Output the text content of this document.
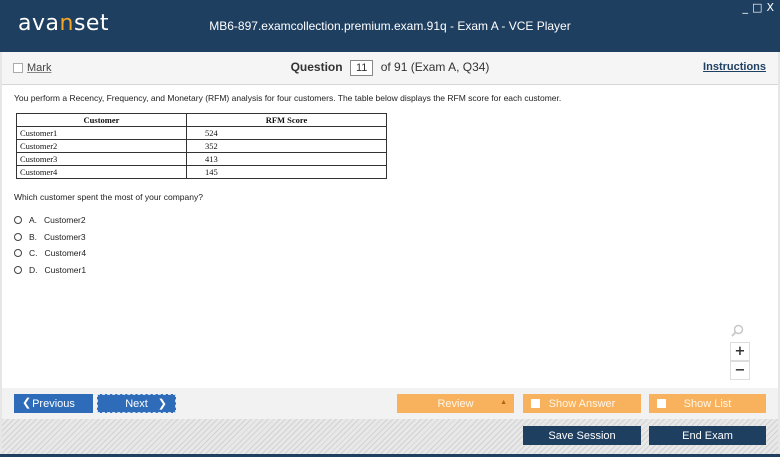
avanset	MB6-897.examcollection.premium.exam.91q - Exam A - VCE Player
_ □ X
Mark	Question 11 of 91 (Exam A, Q34)	Instructions
You perform a Recency, Frequency, and Monetary (RFM) analysis for four customers. The table below displays the RFM score for each customer.
Customer	RFM Score
Customer1	524
Customer2	352
Customer3	413
Customer4	145
Which customer spent the most of your company?
A. Customer2
B. Customer3
C. Customer4
D. Customer1
+
−
❮ Previous	Next ❯	Review	▲	Show Answer	Show List
Save Session	End Exam
